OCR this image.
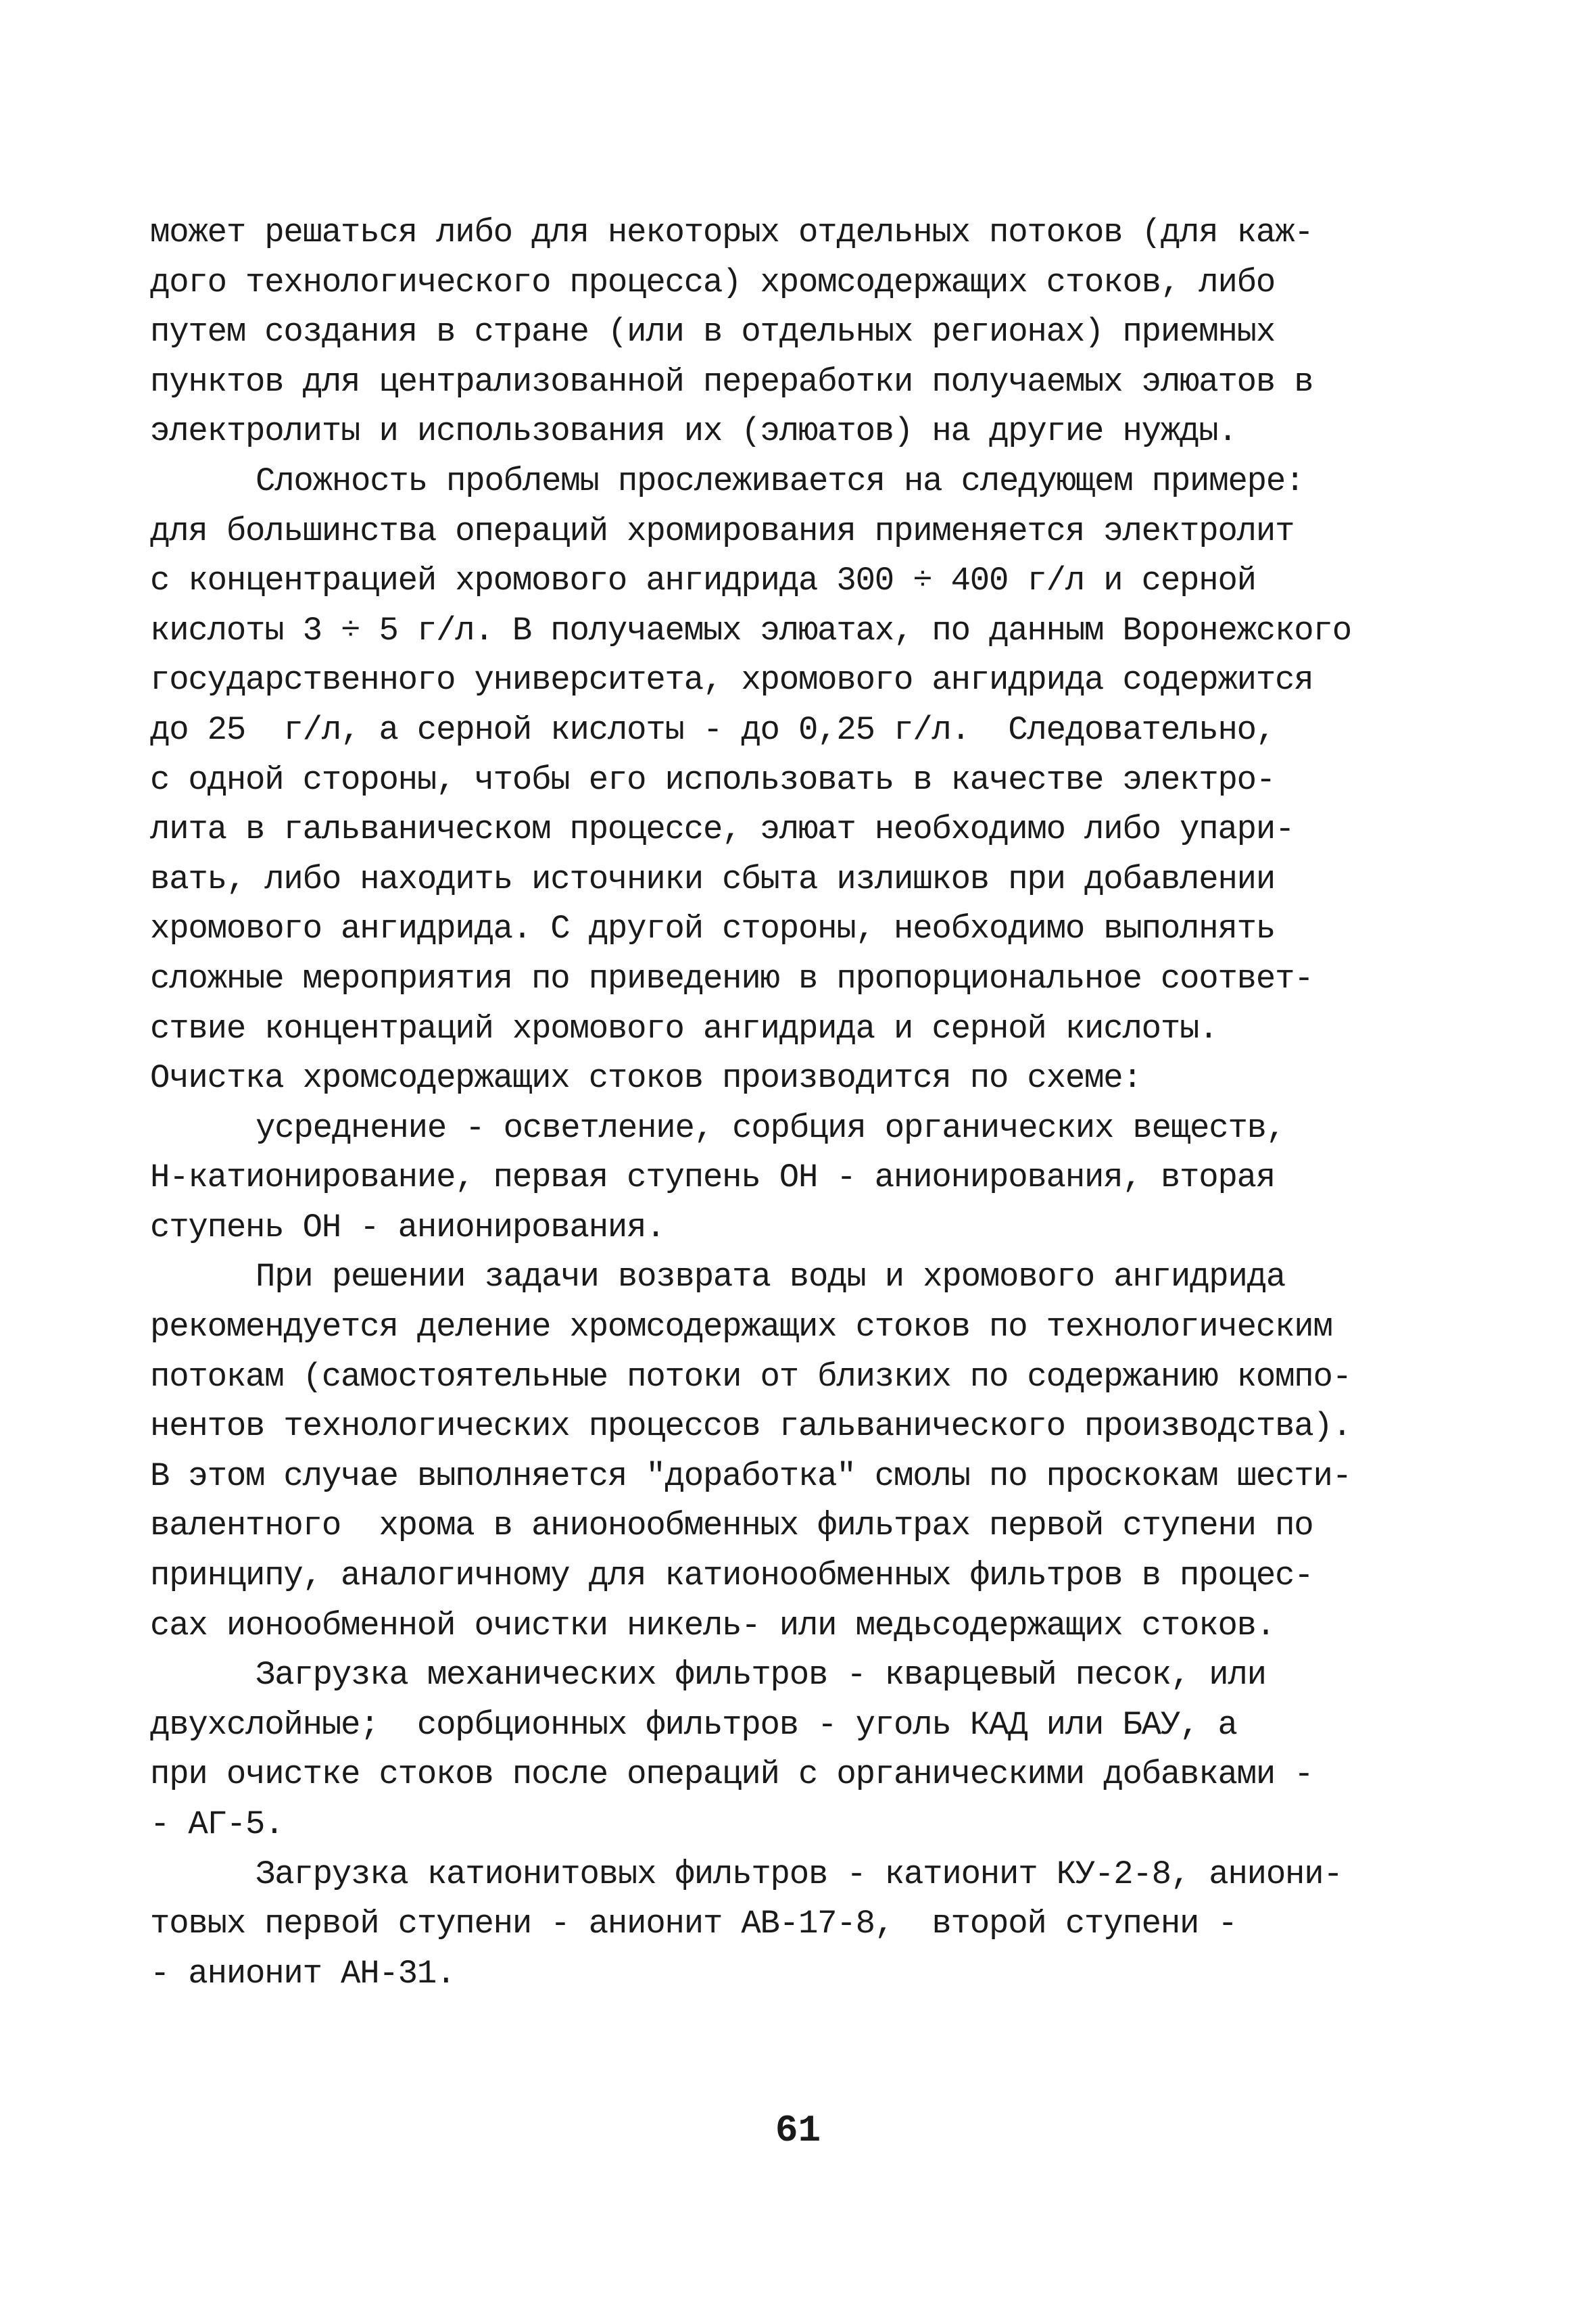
может решаться либо для некоторых отдельных потоков (для каж-
дого технологического процесса) хромсодержащих стоков, либо
путем создания в стране (или в отдельных регионах) приемных
пунктов для централизованной переработки получаемых элюатов в
электролиты и использования их (элюатов) на другие нужды.
Сложность проблемы прослеживается на следующем примере:
для большинства операций хромирования применяется электролит
с концентрацией хромового ангидрида 300 ÷ 400 г/л и серной
кислоты 3 ÷ 5 г/л. В получаемых элюатах, по данным Воронежского
государственного университета, хромового ангидрида содержится
до 25  г/л, а серной кислоты - до 0,25 г/л.  Следовательно,
с одной стороны, чтобы его использовать в качестве электро-
лита в гальваническом процессе, элюат необходимо либо упари-
вать, либо находить источники сбыта излишков при добавлении
хромового ангидрида. С другой стороны, необходимо выполнять
сложные мероприятия по приведению в пропорциональное соответ-
ствие концентраций хромового ангидрида и серной кислоты.
Очистка хромсодержащих стоков производится по схеме:
усреднение - осветление, сорбция органических веществ,
Н-катионирование, первая ступень ОН - анионирования, вторая
ступень ОН - анионирования.
При решении задачи возврата воды и хромового ангидрида
рекомендуется деление хромсодержащих стоков по технологическим
потокам (самостоятельные потоки от близких по содержанию компо-
нентов технологических процессов гальванического производства).
В этом случае выполняется "доработка" смолы по проскокам шести-
валентного  хрома в анионообменных фильтрах первой ступени по
принципу, аналогичному для катионообменных фильтров в процес-
сах ионообменной очистки никель- или медьсодержащих стоков.
Загрузка механических фильтров - кварцевый песок, или
двухслойные;  сорбционных фильтров - уголь КАД или БАУ, а
при очистке стоков после операций с органическими добавками -
- АГ-5.
Загрузка катионитовых фильтров - катионит КУ-2-8, аниони-
товых первой ступени - анионит АВ-17-8,  второй ступени -
- анионит АН-31.
61
